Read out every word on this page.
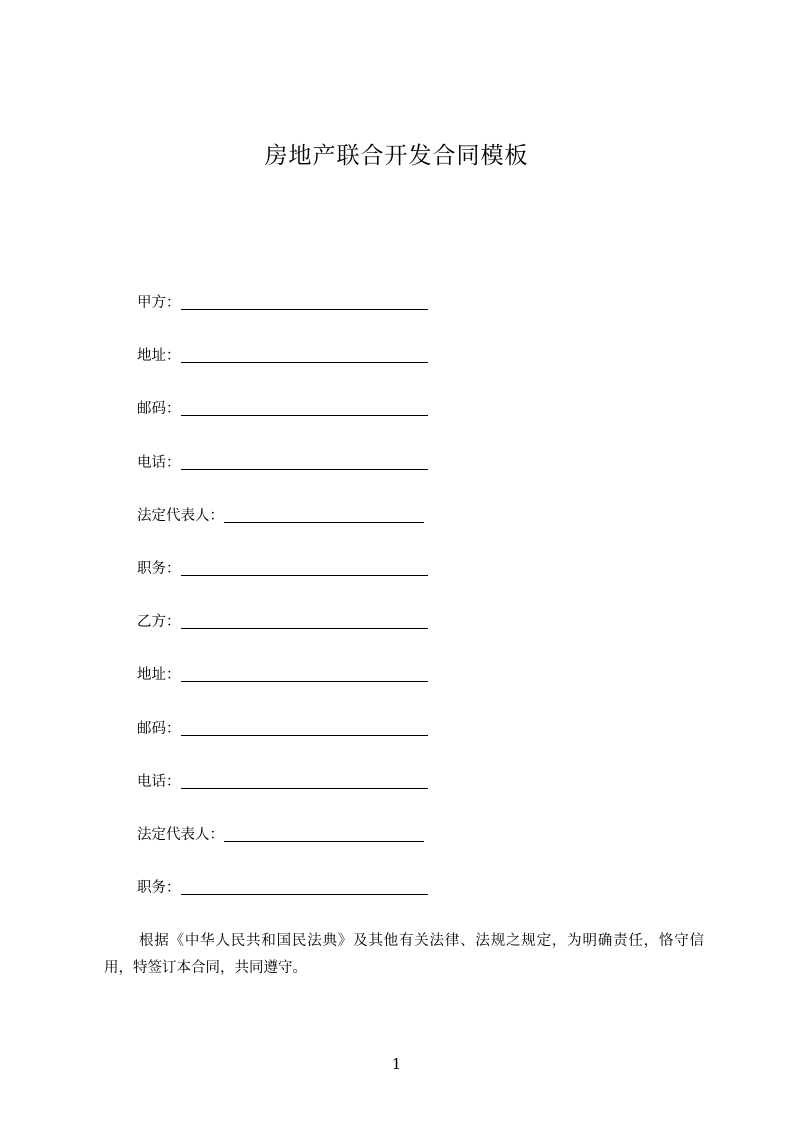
房地产联合开发合同模板
甲方：
地址：
邮码：
电话：
法定代表人：
职务：
乙方：
地址：
邮码：
电话：
法定代表人：
职务：
根据《中华人民共和国民法典》及其他有关法律、法规之规定，为明确责任，恪守信用，特签订本合同，共同遵守。
1
